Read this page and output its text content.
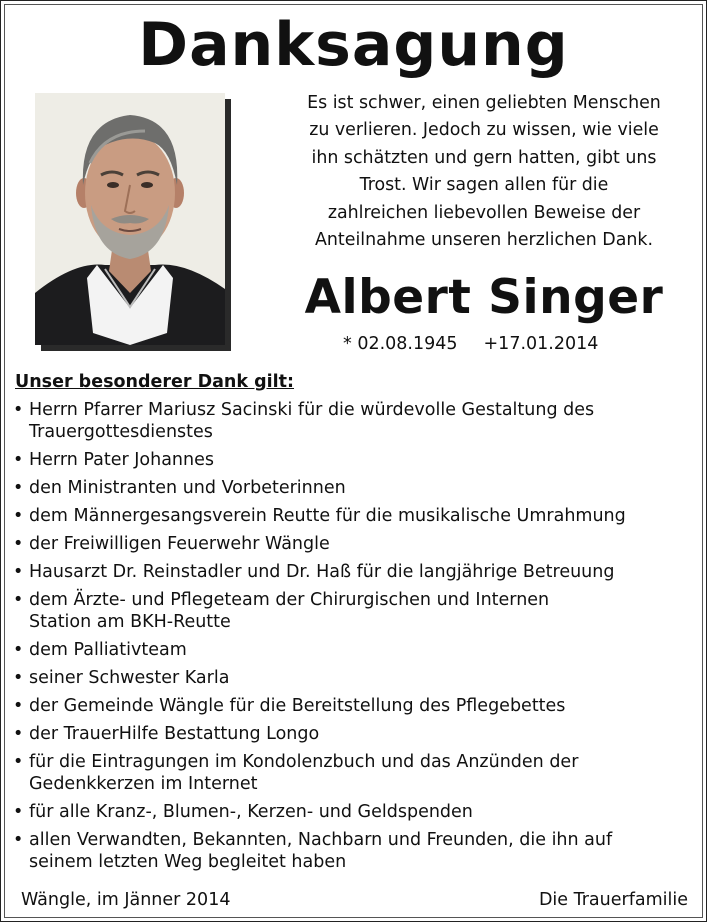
Danksagung
Es ist schwer, einen geliebten Menschen
zu verlieren. Jedoch zu wissen, wie viele
ihn schätzten und gern hatten, gibt uns
Trost. Wir sagen allen für die
zahlreichen liebevollen Beweise der
Anteilnahme unseren herzlichen Dank.
Albert Singer
* 02.08.1945 +17.01.2014
Unser besonderer Dank gilt:
• Herrn Pfarrer Mariusz Sacinski für die würdevolle Gestaltung des
Trauergottesdienstes
• Herrn Pater Johannes
• den Ministranten und Vorbeterinnen
• dem Männergesangsverein Reutte für die musikalische Umrahmung
• der Freiwilligen Feuerwehr Wängle
• Hausarzt Dr. Reinstadler und Dr. Haß für die langjährige Betreuung
• dem Ärzte- und Pflegeteam der Chirurgischen und Internen
Station am BKH-Reutte
• dem Palliativteam
• seiner Schwester Karla
• der Gemeinde Wängle für die Bereitstellung des Pflegebettes
• der TrauerHilfe Bestattung Longo
• für die Eintragungen im Kondolenzbuch und das Anzünden der
Gedenkkerzen im Internet
• für alle Kranz-, Blumen-, Kerzen- und Geldspenden
• allen Verwandten, Bekannten, Nachbarn und Freunden, die ihn auf
seinem letzten Weg begleitet haben
Wängle, im Jänner 2014	Die Trauerfamilie
